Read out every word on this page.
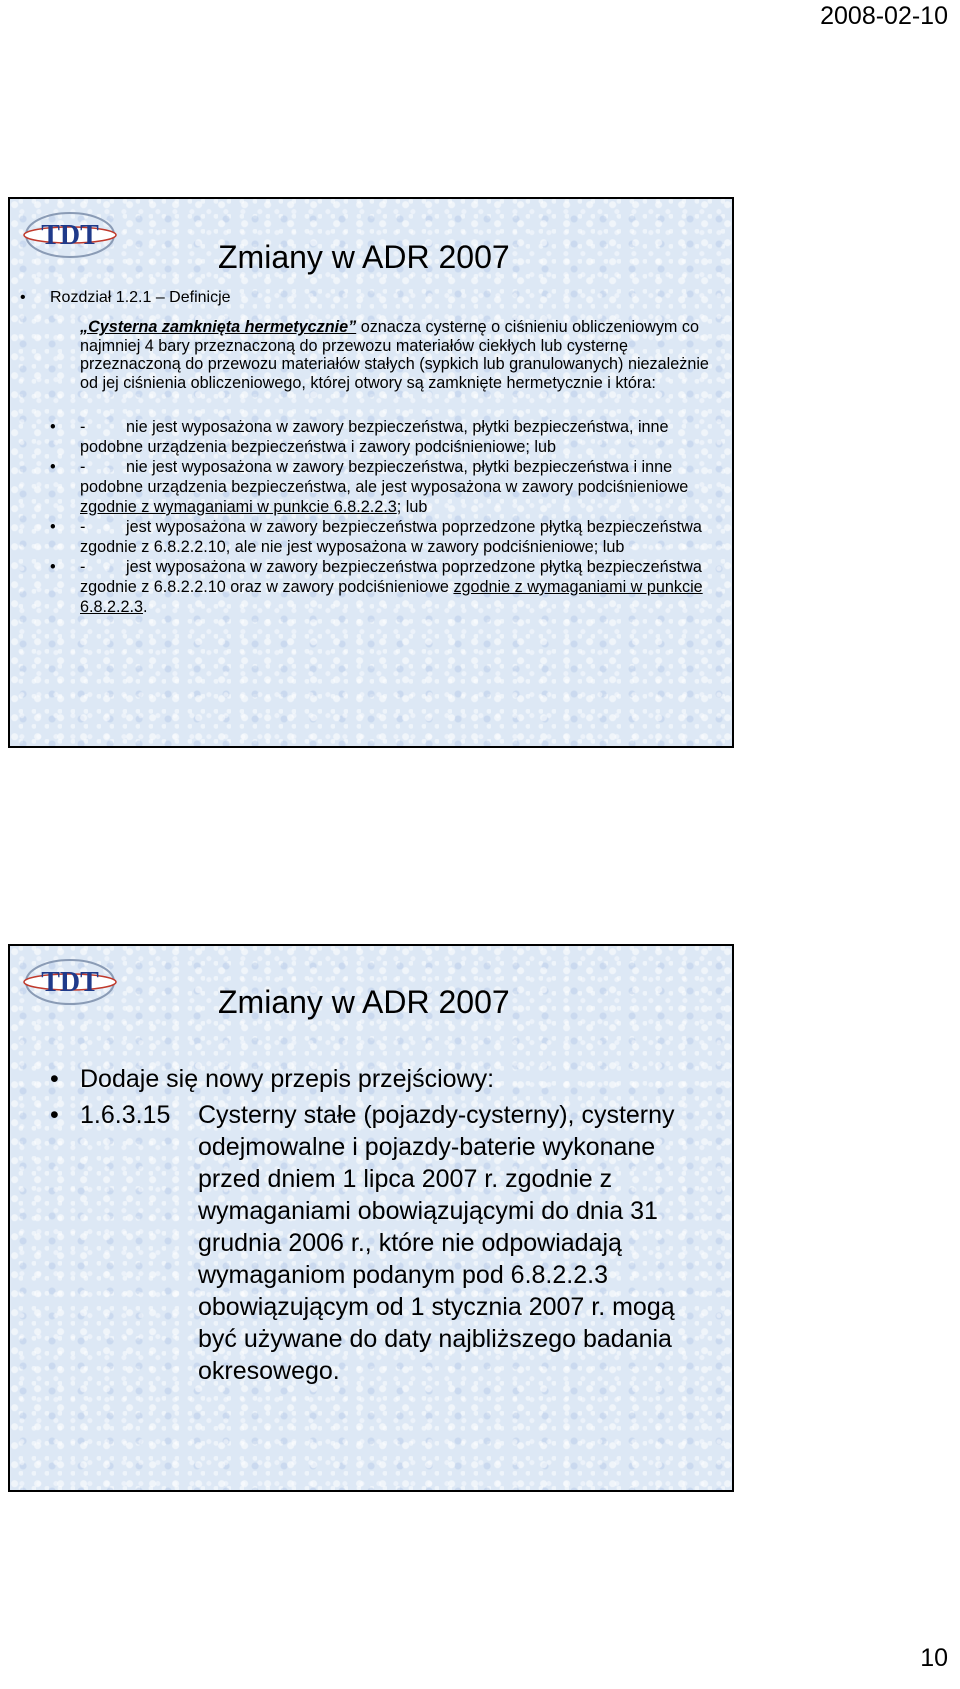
2008-02-10
TDT
Zmiany w ADR 2007
• Rozdział 1.2.1 – Definicje

„Cysterna zamknięta hermetycznie” oznacza cysternę o ciśnieniu obliczeniowym co najmniej 4 bary przeznaczoną do przewozu materiałów ciekłych lub cysternę przeznaczoną do przewozu materiałów stałych (sypkich lub granulowanych) niezależnie od jej ciśnienia obliczeniowego, której otwory są zamknięte hermetycznie i która:

• -	nie jest wyposażona w zawory bezpieczeństwa, płytki bezpieczeństwa, inne podobne urządzenia bezpieczeństwa i zawory podciśnieniowe; lub
• -	nie jest wyposażona w zawory bezpieczeństwa, płytki bezpieczeństwa i inne podobne urządzenia bezpieczeństwa, ale jest wyposażona w zawory podciśnieniowe zgodnie z wymaganiami w punkcie 6.8.2.2.3; lub
• -	jest wyposażona w zawory bezpieczeństwa poprzedzone płytką bezpieczeństwa zgodnie z 6.8.2.2.10, ale nie jest wyposażona w zawory podciśnieniowe; lub
• -	jest wyposażona w zawory bezpieczeństwa poprzedzone płytką bezpieczeństwa zgodnie z 6.8.2.2.10 oraz w zawory podciśnieniowe zgodnie z wymaganiami w punkcie 6.8.2.2.3.
TDT
Zmiany w ADR 2007
• Dodaje się nowy przepis przejściowy:
• 1.6.3.15	Cysterny stałe (pojazdy-cysterny), cysterny odejmowalne i pojazdy-baterie wykonane przed dniem 1 lipca 2007 r. zgodnie z wymaganiami obowiązującymi do dnia 31 grudnia 2006 r., które nie odpowiadają wymaganiom podanym pod 6.8.2.2.3 obowiązującym od 1 stycznia 2007 r. mogą być używane do daty najbliższego badania okresowego.
10
